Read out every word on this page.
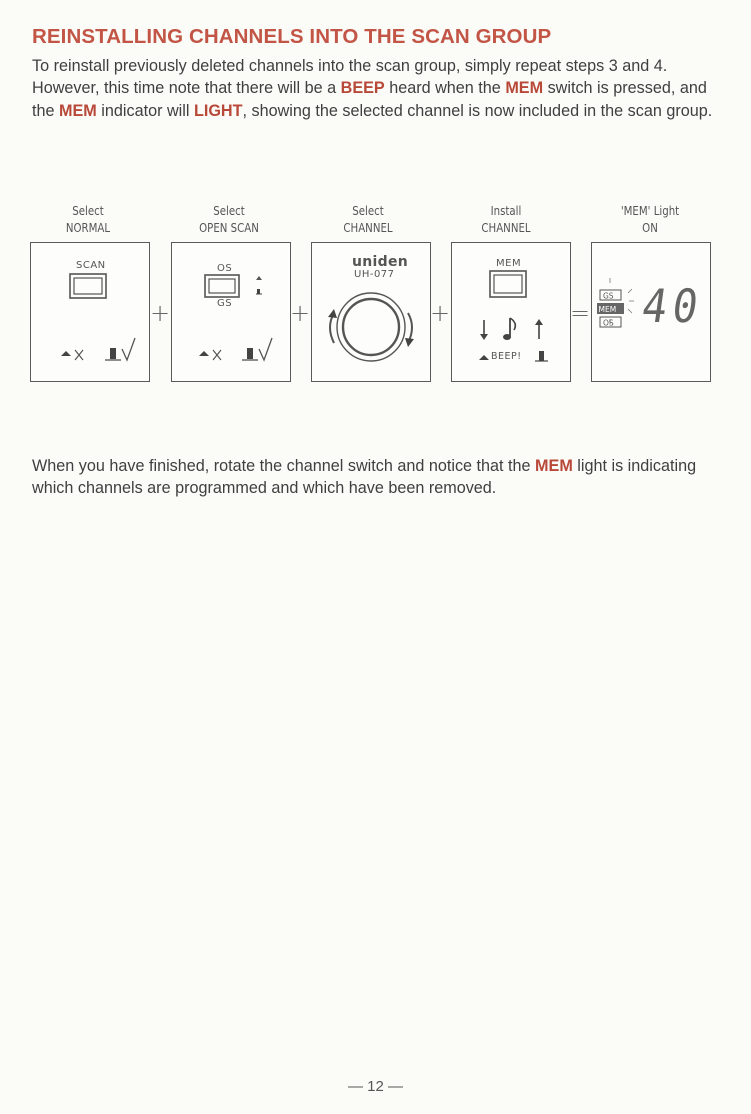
REINSTALLING CHANNELS INTO THE SCAN GROUP
To reinstall previously deleted channels into the scan group, simply repeat steps 3 and 4. However, this time note that there will be a BEEP heard when the MEM switch is pressed, and the MEM indicator will LIGHT, showing the selected channel is now included in the scan group.
Select
NORMAL
Select
OPEN SCAN
Select
CHANNEL
Install
CHANNEL
'MEM' Light
ON
SCAN
+
OS
GS +
uniden
UH-077
+
MEM
BEEP!
=
GS
MEM
OS 40
When you have finished, rotate the channel switch and notice that the MEM light is indicating which channels are programmed and which have been removed.
— 12 —
